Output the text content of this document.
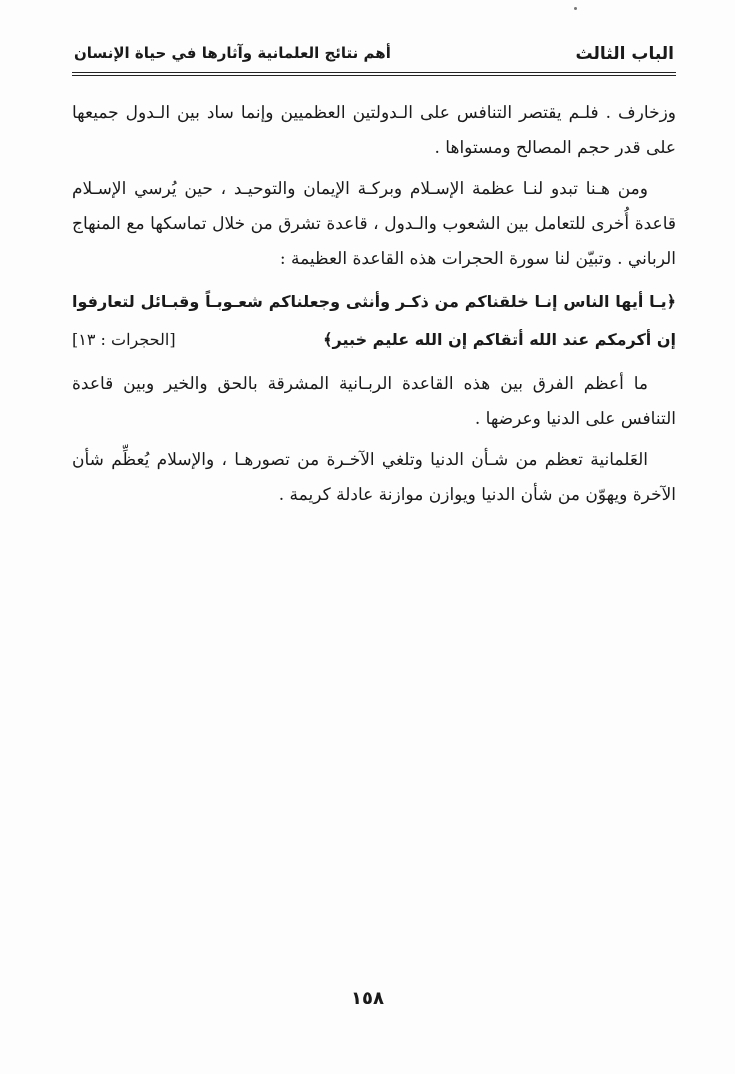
الباب الثالث
أهم نتائج العلمانية وآثارها في حياة الإنسان

وزخارف . فلـم يقتصر التنافس على الـدولتين العظميين وإنما ساد بين الـدول جميعها على قدر حجم المصالح ومستواها .

ومن هـنا تبدو لنـا عظمة الإسـلام وبركـة الإيمان والتوحيـد ، حين يُرسي الإسـلام قاعدة أُخرى للتعامل بين الشعوب والـدول ، قاعدة تشرق من خلال تماسكها مع المنهاج الرباني . وتبيّن لنا سورة الحجرات هذه القاعدة العظيمة :

﴿يـا أيها الناس إنـا خلقناكم من ذكـر وأنثى وجعلناكم شعـوبـاً وقبـائل لتعارفوا إن أكرمكم عند الله أتقاكم إن الله عليم خبير﴾
[الحجرات : ١٣]

ما أعظم الفرق بين هذه القاعدة الربـانية المشرقة بالحق والخير وبين قاعدة التنافس على الدنيا وعرضها .

العَلمانية تعظم من شـأن الدنيا وتلغي الآخـرة من تصورهـا ، والإسلام يُعظِّم شأن الآخرة ويهوّن من شأن الدنيا ويوازن موازنة عادلة كريمة .

١٥٨
